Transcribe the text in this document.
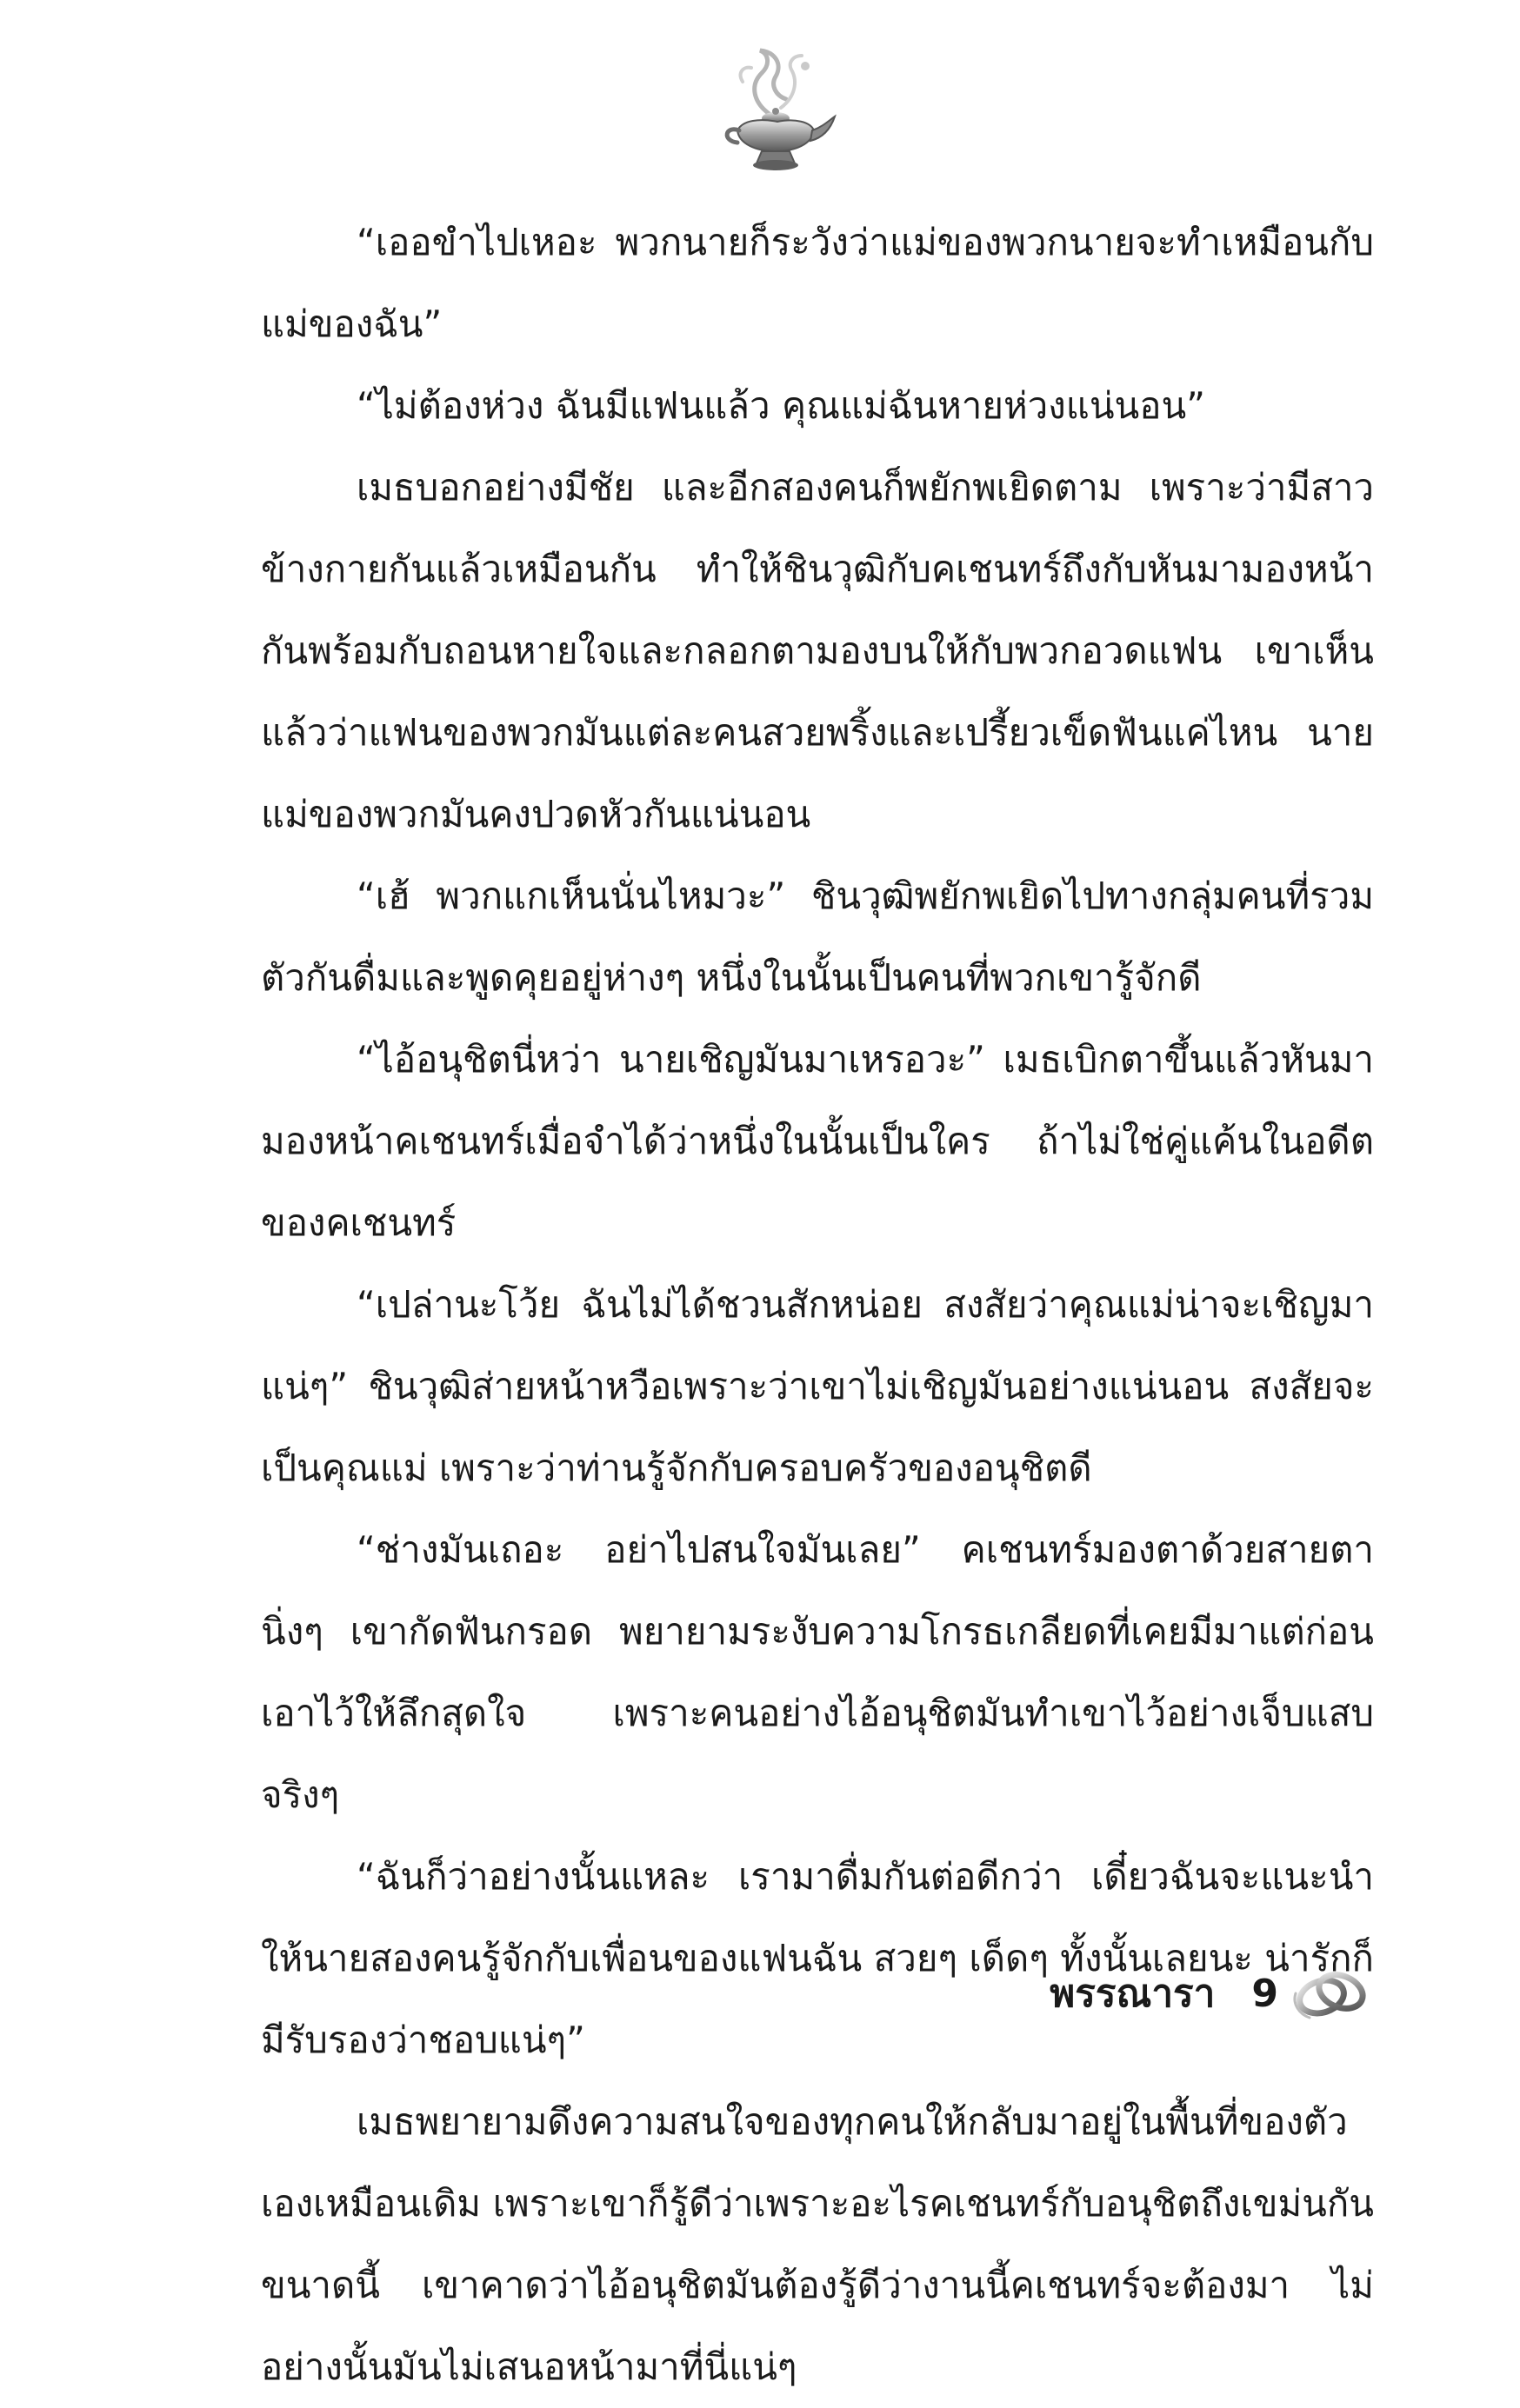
“เออขำไปเหอะ พวกนายก็ระวังว่าแม่ของพวกนายจะทำเหมือนกับแม่ของฉัน”

“ไม่ต้องห่วง ฉันมีแฟนแล้ว คุณแม่ฉันหายห่วงแน่นอน”

เมธบอกอย่างมีชัย และอีกสองคนก็พยักพเยิดตาม เพราะว่ามีสาวข้างกายกันแล้วเหมือนกัน ทำให้ชินวุฒิกับคเชนทร์ถึงกับหันมามองหน้ากันพร้อมกับถอนหายใจและกลอกตามองบนให้กับพวกอวดแฟน เขาเห็นแล้วว่าแฟนของพวกมันแต่ละคนสวยพริ้งและเปรี้ยวเข็ดฟันแค่ไหน นายแม่ของพวกมันคงปวดหัวกันแน่นอน

“เฮ้ พวกแกเห็นนั่นไหมวะ” ชินวุฒิพยักพเยิดไปทางกลุ่มคนที่รวมตัวกันดื่มและพูดคุยอยู่ห่างๆ หนึ่งในนั้นเป็นคนที่พวกเขารู้จักดี

“ไอ้อนุชิตนี่หว่า นายเชิญมันมาเหรอวะ” เมธเบิกตาขึ้นแล้วหันมามองหน้าคเชนทร์เมื่อจำได้ว่าหนึ่งในนั้นเป็นใคร ถ้าไม่ใช่คู่แค้นในอดีตของคเชนทร์

“เปล่านะโว้ย ฉันไม่ได้ชวนสักหน่อย สงสัยว่าคุณแม่น่าจะเชิญมาแน่ๆ” ชินวุฒิส่ายหน้าหวือเพราะว่าเขาไม่เชิญมันอย่างแน่นอน สงสัยจะเป็นคุณแม่ เพราะว่าท่านรู้จักกับครอบครัวของอนุชิตดี

“ช่างมันเถอะ อย่าไปสนใจมันเลย” คเชนทร์มองตาด้วยสายตานิ่งๆ เขากัดฟันกรอด พยายามระงับความโกรธเกลียดที่เคยมีมาแต่ก่อนเอาไว้ให้ลึกสุดใจ เพราะคนอย่างไอ้อนุชิตมันทำเขาไว้อย่างเจ็บแสบจริงๆ

“ฉันก็ว่าอย่างนั้นแหละ เรามาดื่มกันต่อดีกว่า เดี๋ยวฉันจะแนะนำให้นายสองคนรู้จักกับเพื่อนของแฟนฉัน สวยๆ เด็ดๆ ทั้งนั้นเลยนะ น่ารักก็มีรับรองว่าชอบแน่ๆ”

เมธพยายามดึงความสนใจของทุกคนให้กลับมาอยู่ในพื้นที่ของตัวเองเหมือนเดิม เพราะเขาก็รู้ดีว่าเพราะอะไรคเชนทร์กับอนุชิตถึงเขม่นกันขนาดนี้ เขาคาดว่าไอ้อนุชิตมันต้องรู้ดีว่างานนี้คเชนทร์จะต้องมา ไม่อย่างนั้นมันไม่เสนอหน้ามาที่นี่แน่ๆ

พรรณารา 9
